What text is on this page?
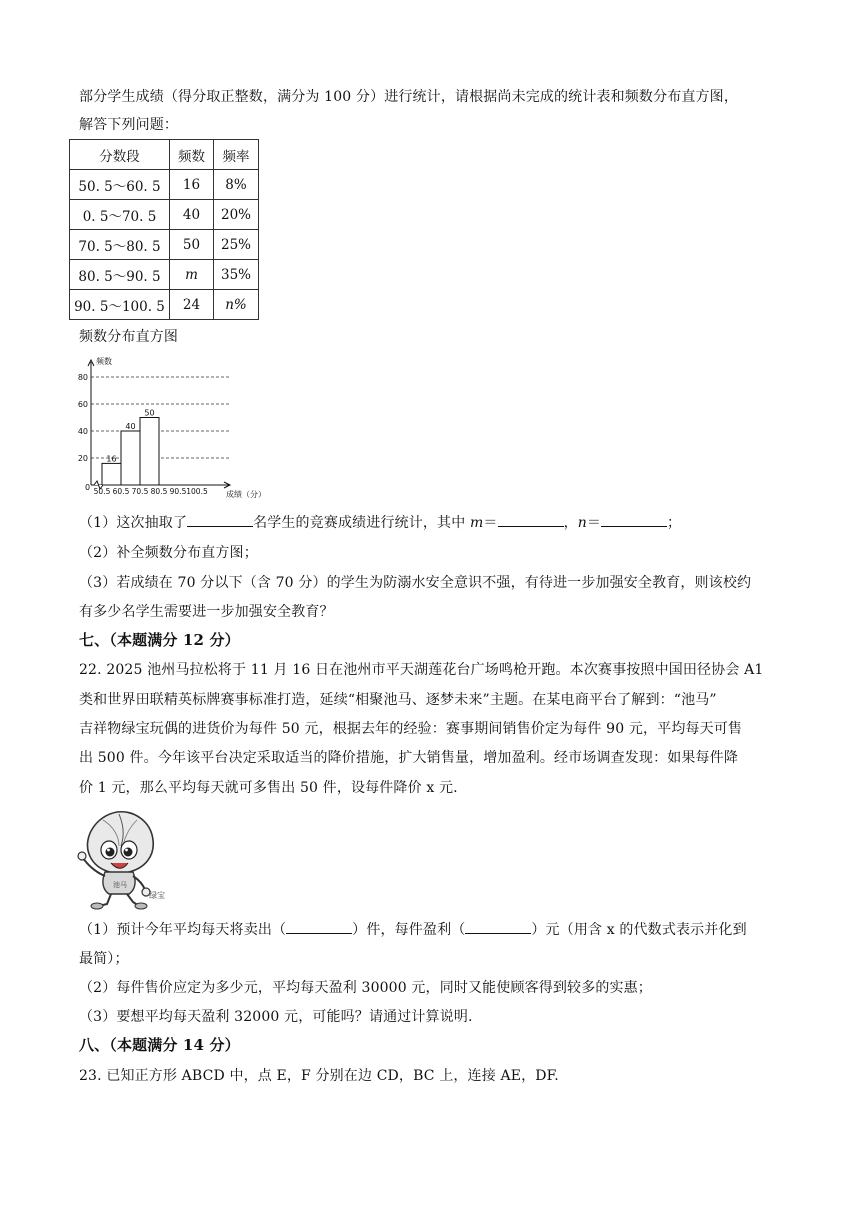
部分学生成绩（得分取正整数，满分为 100 分）进行统计，请根据尚未完成的统计表和频数分布直方图，
解答下列问题：
分数段	频数	频率
50. 5～60. 5	16	8%
0. 5～70. 5	40	20%
70. 5～80. 5	50	25%
80. 5～90. 5	m	35%
90. 5～100. 5	24	n%
频数分布直方图
20
40
60
80
频数
成绩（分）
0 50.5 60.5 70.5 80.5 90.5 100.5
16
40
50
（1）这次抽取了	名学生的竞赛成绩进行统计，其中 m＝	，n＝	；
（2）补全频数分布直方图；
（3）若成绩在 70 分以下（含 70 分）的学生为防溺水安全意识不强，有待进一步加强安全教育，则该校约
有多少名学生需要进一步加强安全教育？
七、（本题满分 12 分）
22. 2025 池州马拉松将于 11 月 16 日在池州市平天湖莲花台广场鸣枪开跑。本次赛事按照中国田径协会 A1
类和世界田联精英标牌赛事标准打造，延续“相聚池马、逐梦未来”主题。在某电商平台了解到：“池马”
吉祥物绿宝玩偶的进货价为每件 50 元，根据去年的经验：赛事期间销售价定为每件 90 元，平均每天可售
出 500 件。今年该平台决定采取适当的降价措施，扩大销售量，增加盈利。经市场调查发现：如果每件降
价 1 元，那么平均每天就可多售出 50 件，设每件降价 x 元.
池马
绿宝
（1）预计今年平均每天将卖出（	）件，每件盈利（	）元（用含 x 的代数式表示并化到
最简）；
（2）每件售价应定为多少元，平均每天盈利 30000 元，同时又能使顾客得到较多的实惠；
（3）要想平均每天盈利 32000 元，可能吗？请通过计算说明.
八、（本题满分 14 分）
23. 已知正方形 ABCD 中，点 E，F 分别在边 CD，BC 上，连接 AE，DF.
